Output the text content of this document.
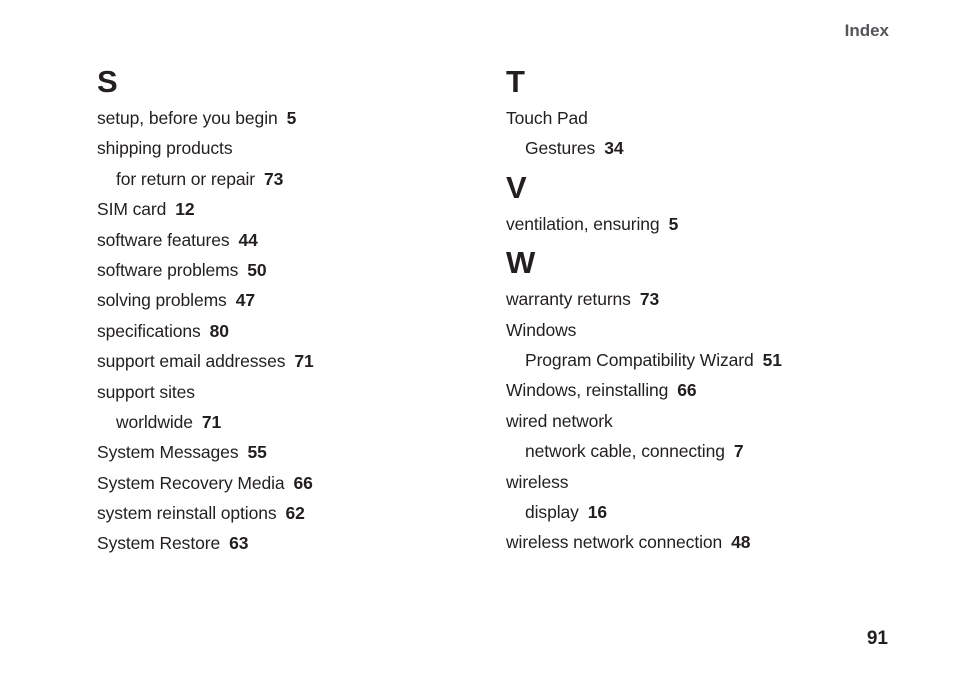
Index
S
setup, before you begin 5
shipping products
for return or repair 73
SIM card 12
software features 44
software problems 50
solving problems 47
specifications 80
support email addresses 71
support sites
worldwide 71
System Messages 55
System Recovery Media 66
system reinstall options 62
System Restore 63
T
Touch Pad
Gestures 34
V
ventilation, ensuring 5
W
warranty returns 73
Windows
Program Compatibility Wizard 51
Windows, reinstalling 66
wired network
network cable, connecting 7
wireless
display 16
wireless network connection 48
91
